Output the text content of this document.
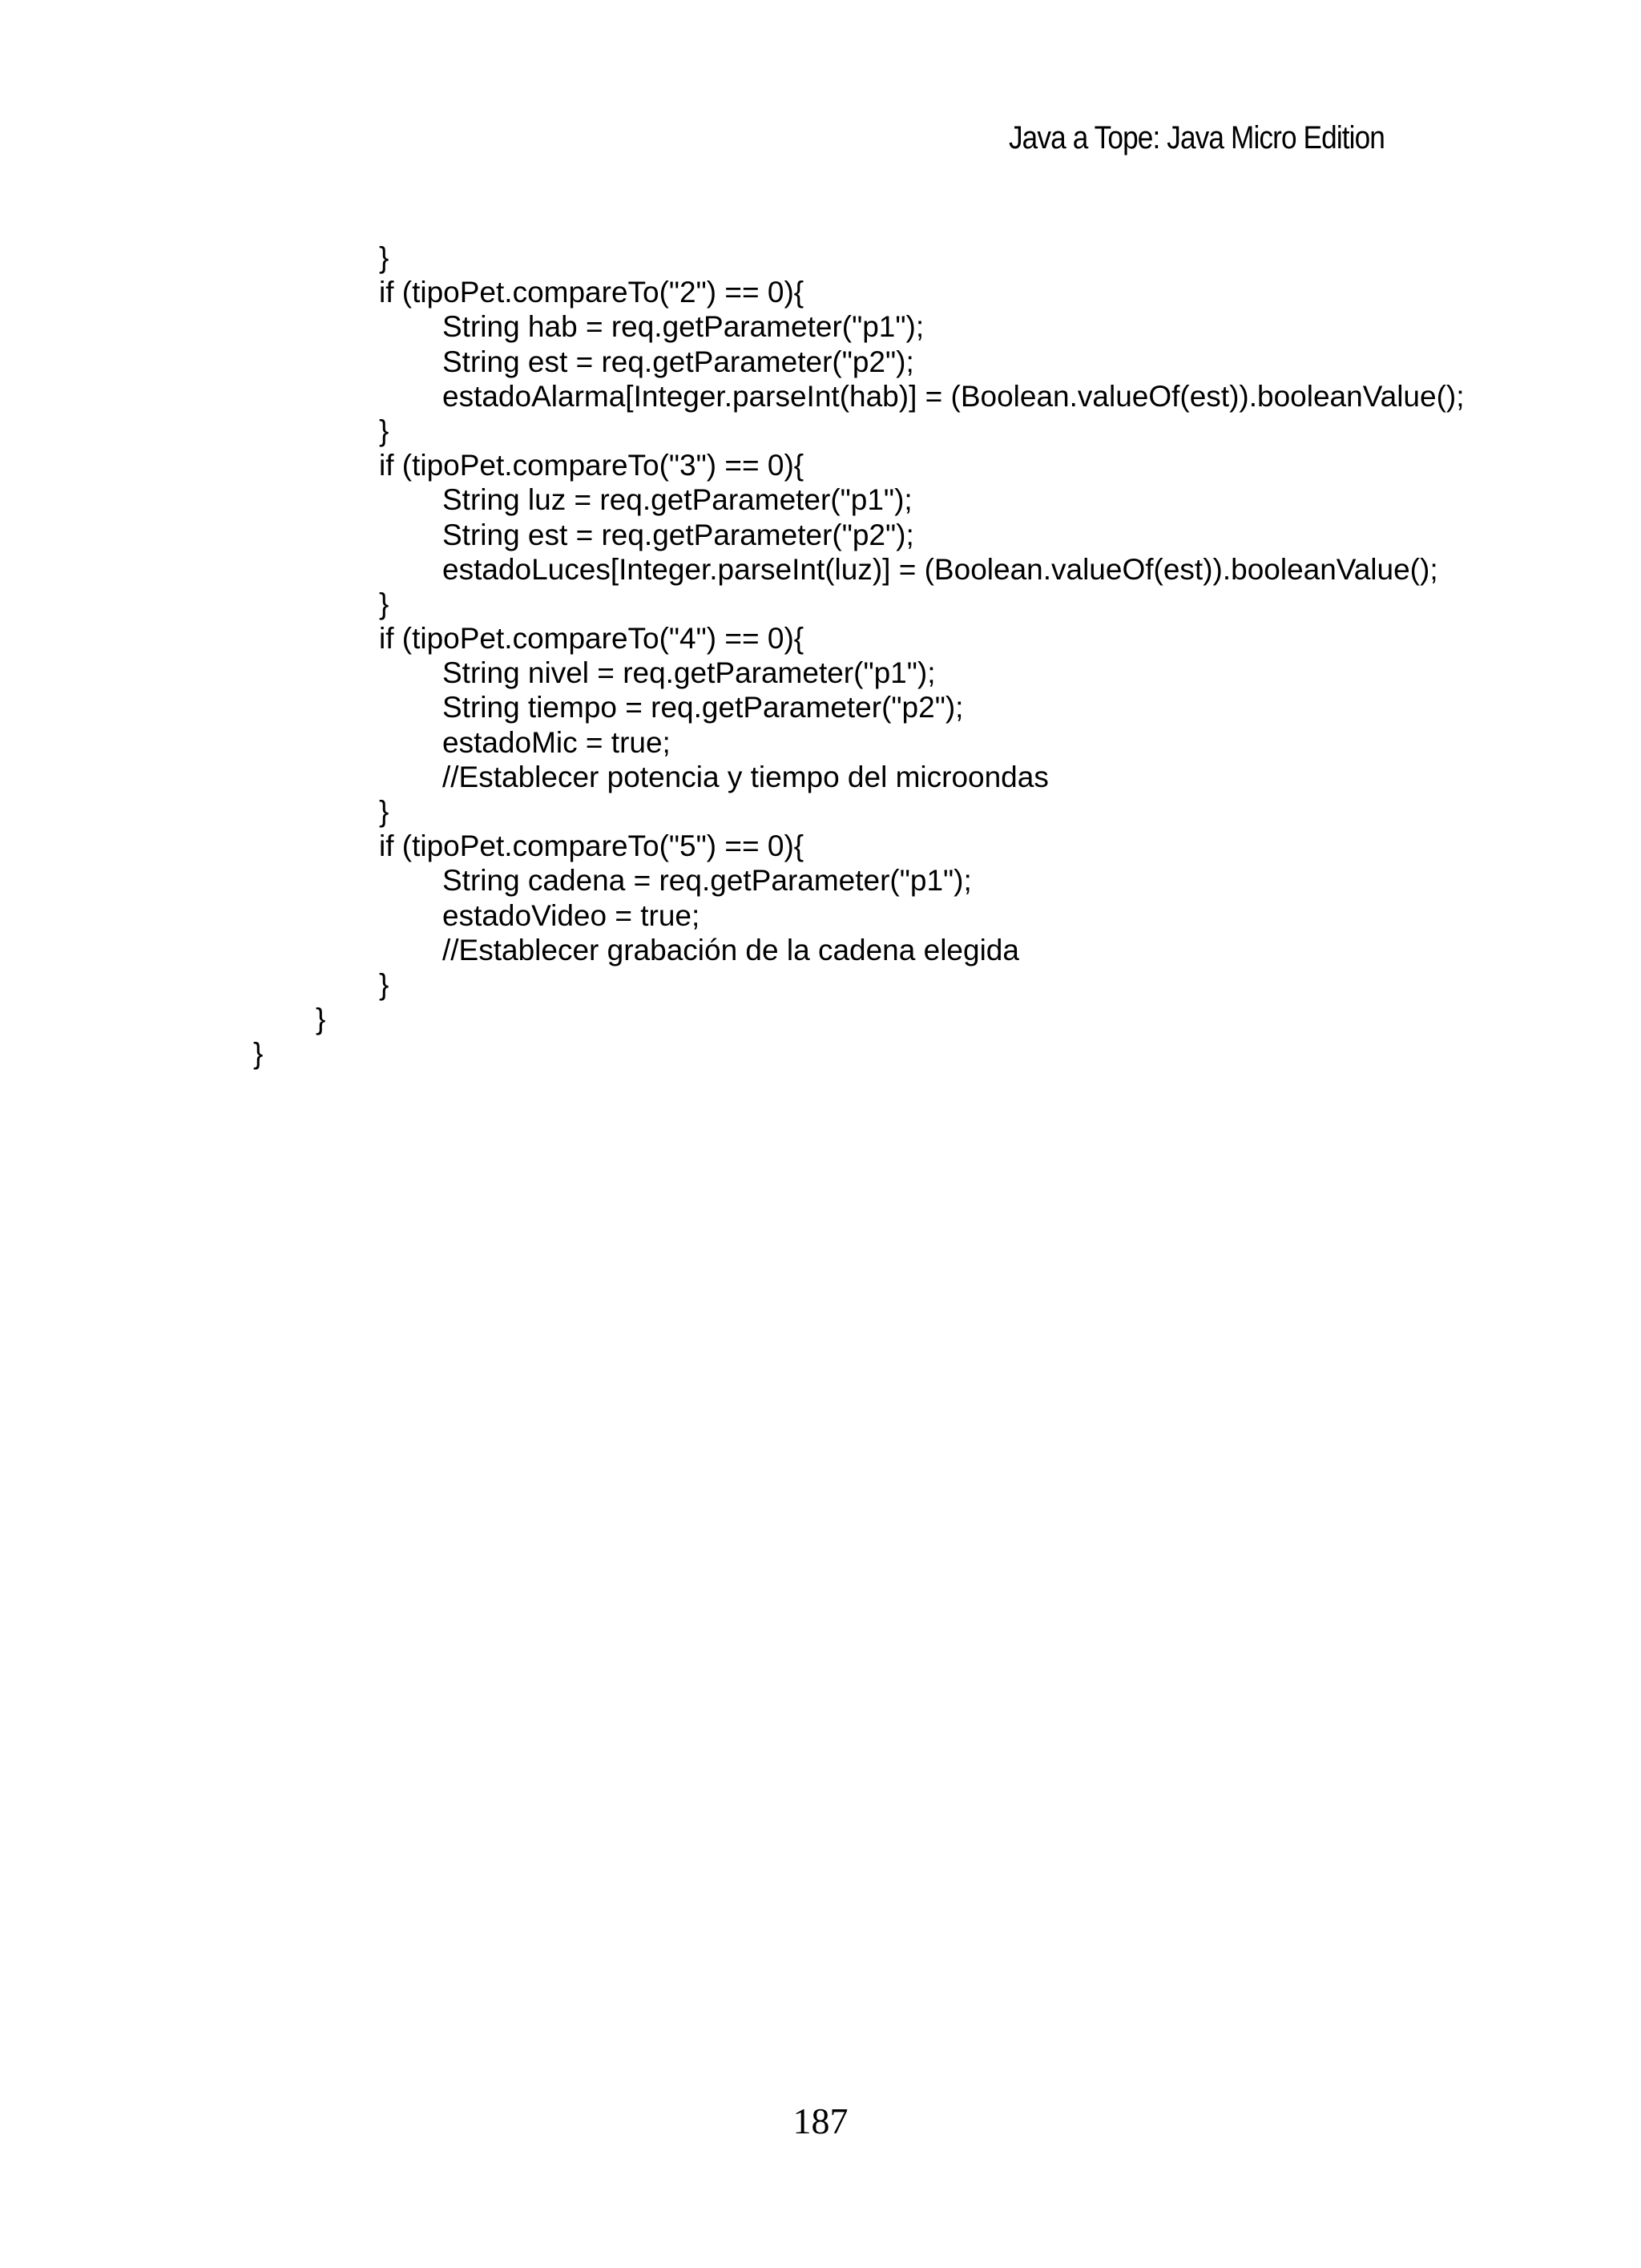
Java a Tope: Java Micro Edition
}
if (tipoPet.compareTo("2") == 0){
String hab = req.getParameter("p1");
String est = req.getParameter("p2");
estadoAlarma[Integer.parseInt(hab)] = (Boolean.valueOf(est)).booleanValue();
}
if (tipoPet.compareTo("3") == 0){
String luz = req.getParameter("p1");
String est = req.getParameter("p2");
estadoLuces[Integer.parseInt(luz)] = (Boolean.valueOf(est)).booleanValue();
}
if (tipoPet.compareTo("4") == 0){
String nivel = req.getParameter("p1");
String tiempo = req.getParameter("p2");
estadoMic = true;
//Establecer potencia y tiempo del microondas
}
if (tipoPet.compareTo("5") == 0){
String cadena = req.getParameter("p1");
estadoVideo = true;
//Establecer grabación de la cadena elegida
}
}
}
187
